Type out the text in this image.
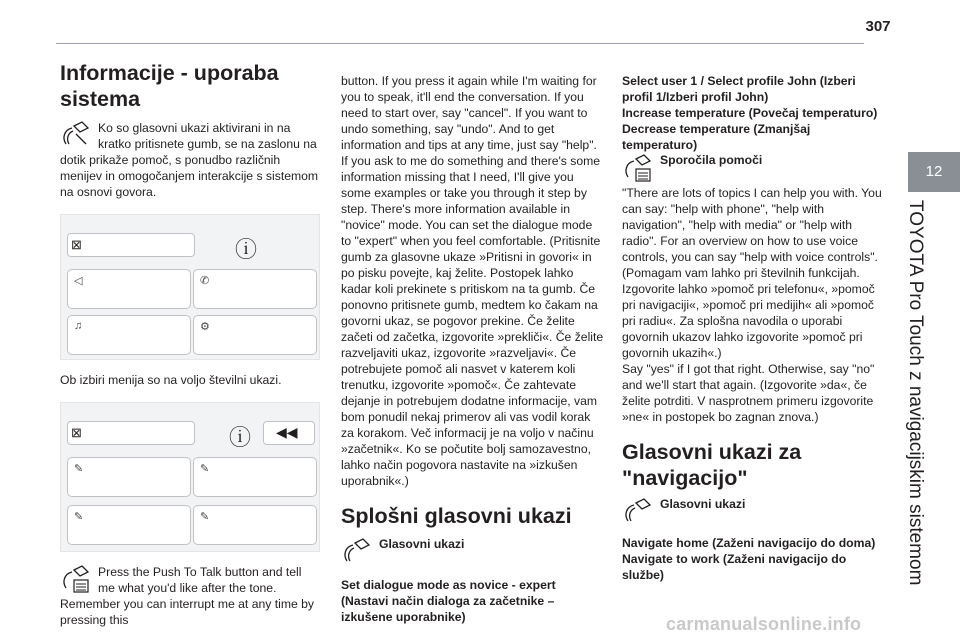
307
12
TOYOTA Pro Touch z navigacijskim sistemom
Informacije - uporaba sistema

Ko so glasovni ukazi aktivirani in na kratko pritisnete gumb, se na zaslonu na dotik prikaže pomoč, s ponudbo različnih menijev in omogočanjem interakcije s sistemom na osnovi govora.

⊠	ⓘ
◁	✆
♫	⚙

Ob izbiri menija so na voljo številni ukazi.

⊠	ⓘ ◀◀
✎	✎
✎	✎

Press the Push To Talk button and tell me what you'd like after the tone. Remember you can interrupt me at any time by pressing this

button. If you press it again while I'm waiting for you to speak, it'll end the conversation. If you need to start over, say "cancel". If you want to undo something, say "undo". And to get information and tips at any time, just say "help". If you ask to me do something and there's some information missing that I need, I'll give you some examples or take you through it step by step. There's more information available in "novice" mode. You can set the dialogue mode to "expert" when you feel comfortable. (Pritisnite gumb za glasovne ukaze »Pritisni in govori« in po pisku povejte, kaj želite. Postopek lahko kadar koli prekinete s pritiskom na ta gumb. Če ponovno pritisnete gumb, medtem ko čakam na govorni ukaz, se pogovor prekine. Če želite začeti od začetka, izgovorite »prekliči«. Če želite razveljaviti ukaz, izgovorite »razveljavi«. Če potrebujete pomoč ali nasvet v katerem koli trenutku, izgovorite »pomoč«. Če zahtevate dejanje in potrebujem dodatne informacije, vam bom ponudil nekaj primerov ali vas vodil korak za korakom. Več informacij je na voljo v načinu »začetnik«. Ko se počutite bolj samozavestno, lahko način pogovora nastavite na »izkušen uporabnik«.)

Splošni glasovni ukazi
Glasovni ukazi

Set dialogue mode as novice - expert (Nastavi način dialoga za začetnike – izkušene uporabnike)

Select user 1 / Select profile John (Izberi profil 1/Izberi profil John)
Increase temperature (Povečaj temperaturo)
Decrease temperature (Zmanjšaj temperaturo)

Sporočila pomoči

"There are lots of topics I can help you with. You can say: "help with phone", "help with navigation", "help with media" or "help with radio". For an overview on how to use voice controls, you can say "help with voice controls". (Pomagam vam lahko pri številnih funkcijah. Izgovorite lahko »pomoč pri telefonu«, »pomoč pri navigaciji«, »pomoč pri medijih« ali »pomoč pri radiu«. Za splošna navodila o uporabi govornih ukazov lahko izgovorite »pomoč pri govornih ukazih«.)
Say "yes" if I got that right. Otherwise, say "no" and we'll start that again. (Izgovorite »da«, če želite potrditi. V nasprotnem primeru izgovorite »ne« in postopek bo zagnan znova.)

Glasovni ukazi za "navigacijo"
Glasovni ukazi

Navigate home (Zaženi navigacijo do doma)
Navigate to work (Zaženi navigacijo do službe)

carmanualsonline.info
